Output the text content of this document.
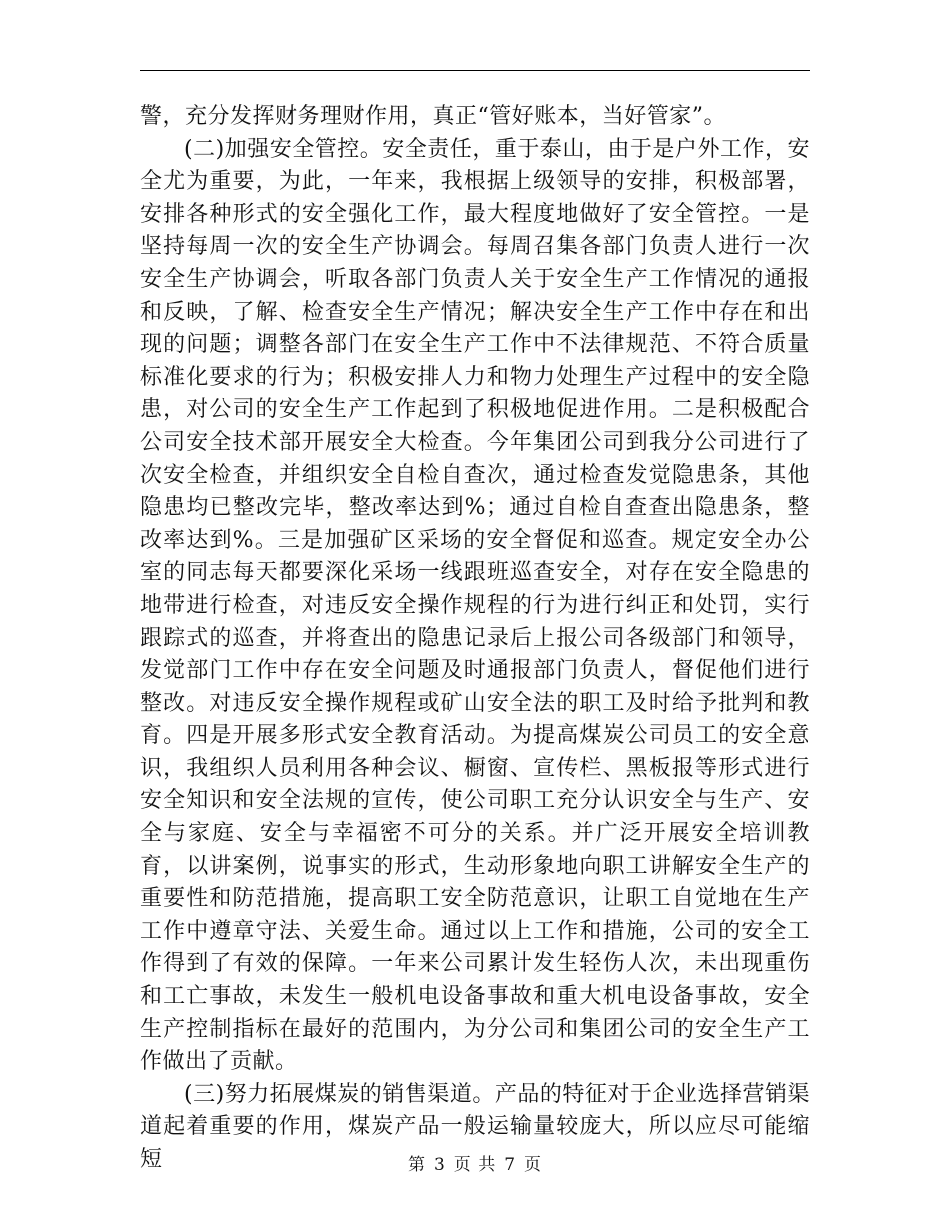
警，充分发挥财务理财作用，真正“管好账本，当好管家”。

(二)加强安全管控。安全责任，重于泰山，由于是户外工作，安全尤为重要，为此，一年来，我根据上级领导的安排，积极部署，安排各种形式的安全强化工作，最大程度地做好了安全管控。一是坚持每周一次的安全生产协调会。每周召集各部门负责人进行一次安全生产协调会，听取各部门负责人关于安全生产工作情况的通报和反映，了解、检查安全生产情况；解决安全生产工作中存在和出现的问题；调整各部门在安全生产工作中不法律规范、不符合质量标准化要求的行为；积极安排人力和物力处理生产过程中的安全隐患，对公司的安全生产工作起到了积极地促进作用。二是积极配合公司安全技术部开展安全大检查。今年集团公司到我分公司进行了次安全检查，并组织安全自检自查次，通过检查发觉隐患条，其他隐患均已整改完毕，整改率达到%；通过自检自查查出隐患条，整改率达到%。三是加强矿区采场的安全督促和巡查。规定安全办公室的同志每天都要深化采场一线跟班巡查安全，对存在安全隐患的地带进行检查，对违反安全操作规程的行为进行纠正和处罚，实行跟踪式的巡查，并将查出的隐患记录后上报公司各级部门和领导，发觉部门工作中存在安全问题及时通报部门负责人，督促他们进行整改。对违反安全操作规程或矿山安全法的职工及时给予批判和教育。四是开展多形式安全教育活动。为提高煤炭公司员工的安全意识，我组织人员利用各种会议、橱窗、宣传栏、黑板报等形式进行安全知识和安全法规的宣传，使公司职工充分认识安全与生产、安全与家庭、安全与幸福密不可分的关系。并广泛开展安全培训教育，以讲案例，说事实的形式，生动形象地向职工讲解安全生产的重要性和防范措施，提高职工安全防范意识，让职工自觉地在生产工作中遵章守法、关爱生命。通过以上工作和措施，公司的安全工作得到了有效的保障。一年来公司累计发生轻伤人次，未出现重伤和工亡事故，未发生一般机电设备事故和重大机电设备事故，安全生产控制指标在最好的范围内，为分公司和集团公司的安全生产工作做出了贡献。

(三)努力拓展煤炭的销售渠道。产品的特征对于企业选择营销渠道起着重要的作用，煤炭产品一般运输量较庞大，所以应尽可能缩短	第 3 页 共 7 页
